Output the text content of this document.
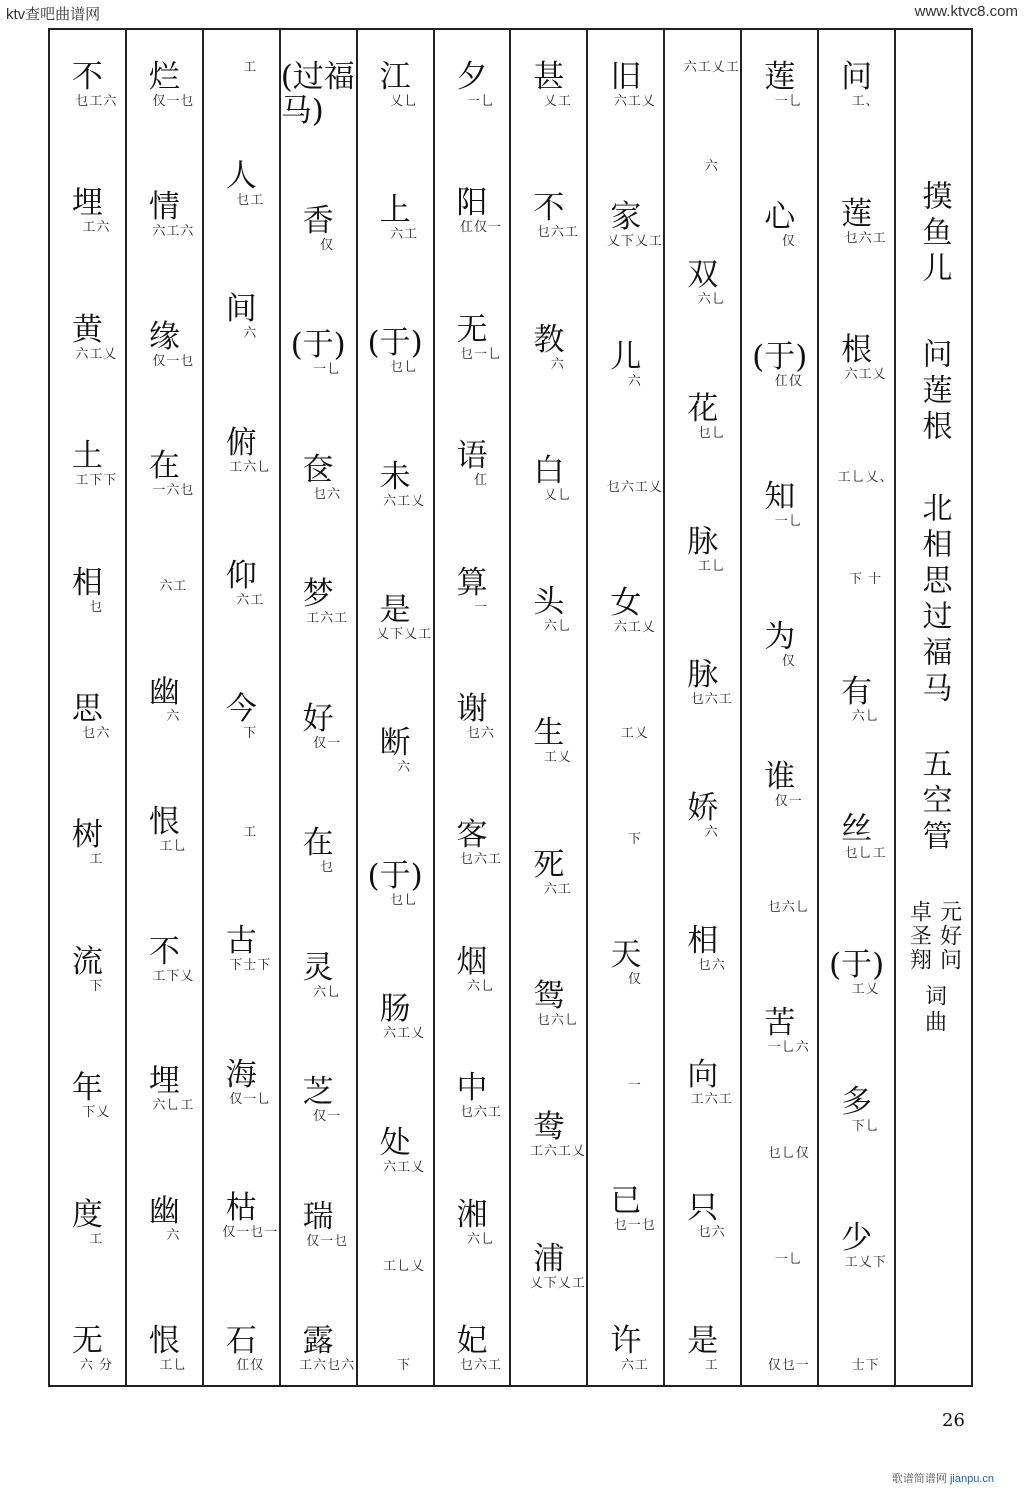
ktv查吧曲谱网	www.ktvc8.com
歌谱简谱网 jianpu.cn
摸鱼儿
问莲根
北相思过福马
五空管
元好问
卓圣翔
词曲
问
工、
莲
乜六工
根
六工乂
工乚乂、
下 十
有
六乚
丝
乜乚工
(于)
工乂
多
下乚
少
工乂下
士下
莲
一乚
心
仅
(于)
仜仅
知
一乚
为
仅
谁
仅一
乜六乚
苦
一乚六
乜乚仅
一乚
仅乜一
六工乂工
六
双
六乚
花
乜乚
脉
工乚
脉
乜六工
娇
六
相
乜六
向
工六工
只
乜六
是
工
旧
六工乂
家
乂下乂工
儿
六
乜六工乂
女
六工乂
工乂
下
天
仅
一
已
乜一乜
许
六工
甚
乂工
不
乜六工
教
六
白
乂乚
头
六乚
生
工乂
死
六工
鸳
乜六乚
鸯
工六工乂
浦
乂下乂工
夕
一乚
阳
仜仅一
无
乜一乚
语
仜
算
一
谢
乜六
客
乜六工
烟
六乚
中
乜六工
湘
六乚
妃
乜六工
江
乂乚
上
六工
(于)
乜乚
未
六工乂
是
乂下乂工
断
六
(于)
乜乚
肠
六工乂
处
六工乂
工乚乂
下
(过福马)
香
仅
(于)
一乚
奁
乜六
梦
工六工
好
仅一
在
乜
灵
六乚
芝
仅一
瑞
仅一乜
露
工六乜六
工
人
乜工
间
六
俯
工六乚
仰
六工
今
下
工
古
下士下
海
仅一乚
枯
仅一乜一
石
仜仅
烂
仅一乜
情
六工六
缘
仅一乜
在
一六乜
六工
幽
六
恨
工乚
不
工下乂
埋
六乚工
幽
六
恨
工乚
不
乜工六
埋
工六
黄
六工乂
土
工下下
相
乜
思
乜六
树
工
流
下
年
下乂
度
工
无
六 分
26
